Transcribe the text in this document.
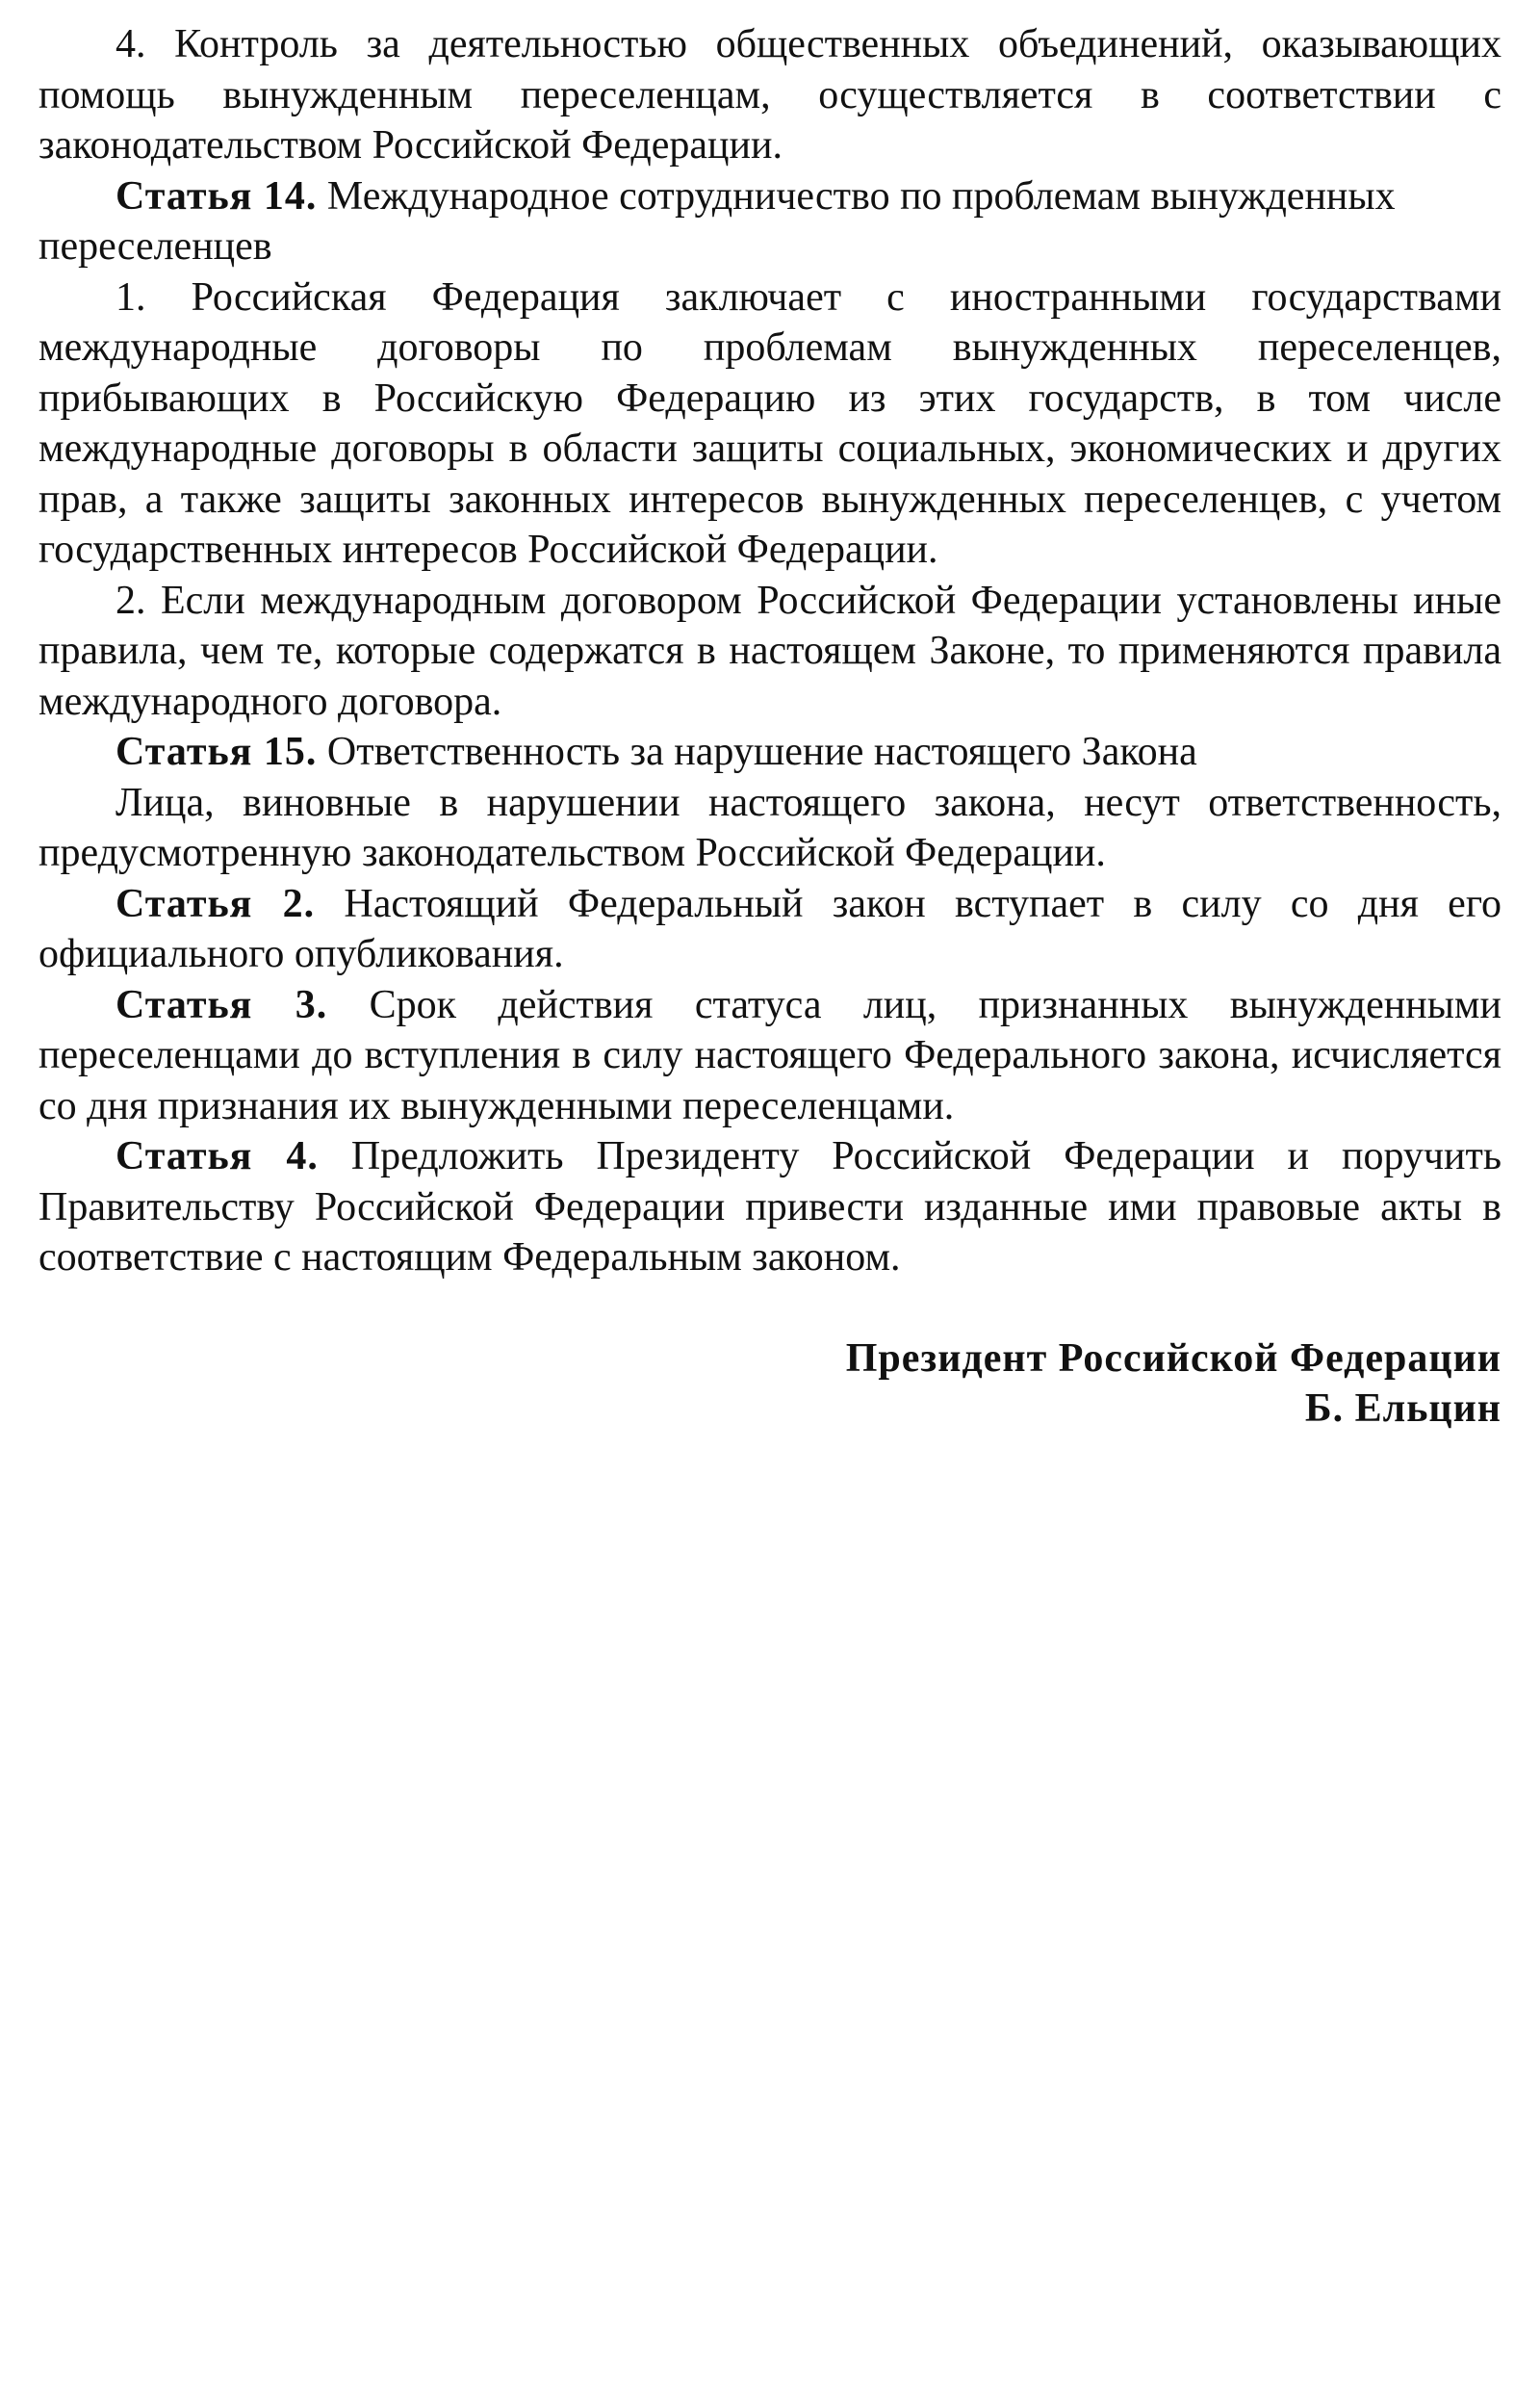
4. Контроль за деятельностью общественных объединений, оказывающих помощь вынужденным переселенцам, осуществляется в соответствии с законодательством Российской Федерации.

Статья 14. Международное сотрудничество по проблемам вынужденных переселенцев

1. Российская Федерация заключает с иностранными государствами международные договоры по проблемам вынужденных переселенцев, прибывающих в Российскую Федерацию из этих государств, в том числе международные договоры в области защиты социальных, экономических и других прав, а также защиты законных интересов вынужденных переселенцев, с учетом государственных интересов Российской Федерации.

2. Если международным договором Российской Федерации установлены иные правила, чем те, которые содержатся в настоящем Законе, то применяются правила международного договора.

Статья 15. Ответственность за нарушение настоящего Закона

Лица, виновные в нарушении настоящего закона, несут ответственность, предусмотренную законодательством Российской Федерации.

Статья 2. Настоящий Федеральный закон вступает в силу со дня его официального опубликования.

Статья 3. Срок действия статуса лиц, признанных вынужденными переселенцами до вступления в силу настоящего Федерального закона, исчисляется со дня признания их вынужденными переселенцами.

Статья 4. Предложить Президенту Российской Федерации и поручить Правительству Российской Федерации привести изданные ими правовые акты в соответствие с настоящим Федеральным законом.

Президент Российской Федерации
Б. Ельцин
